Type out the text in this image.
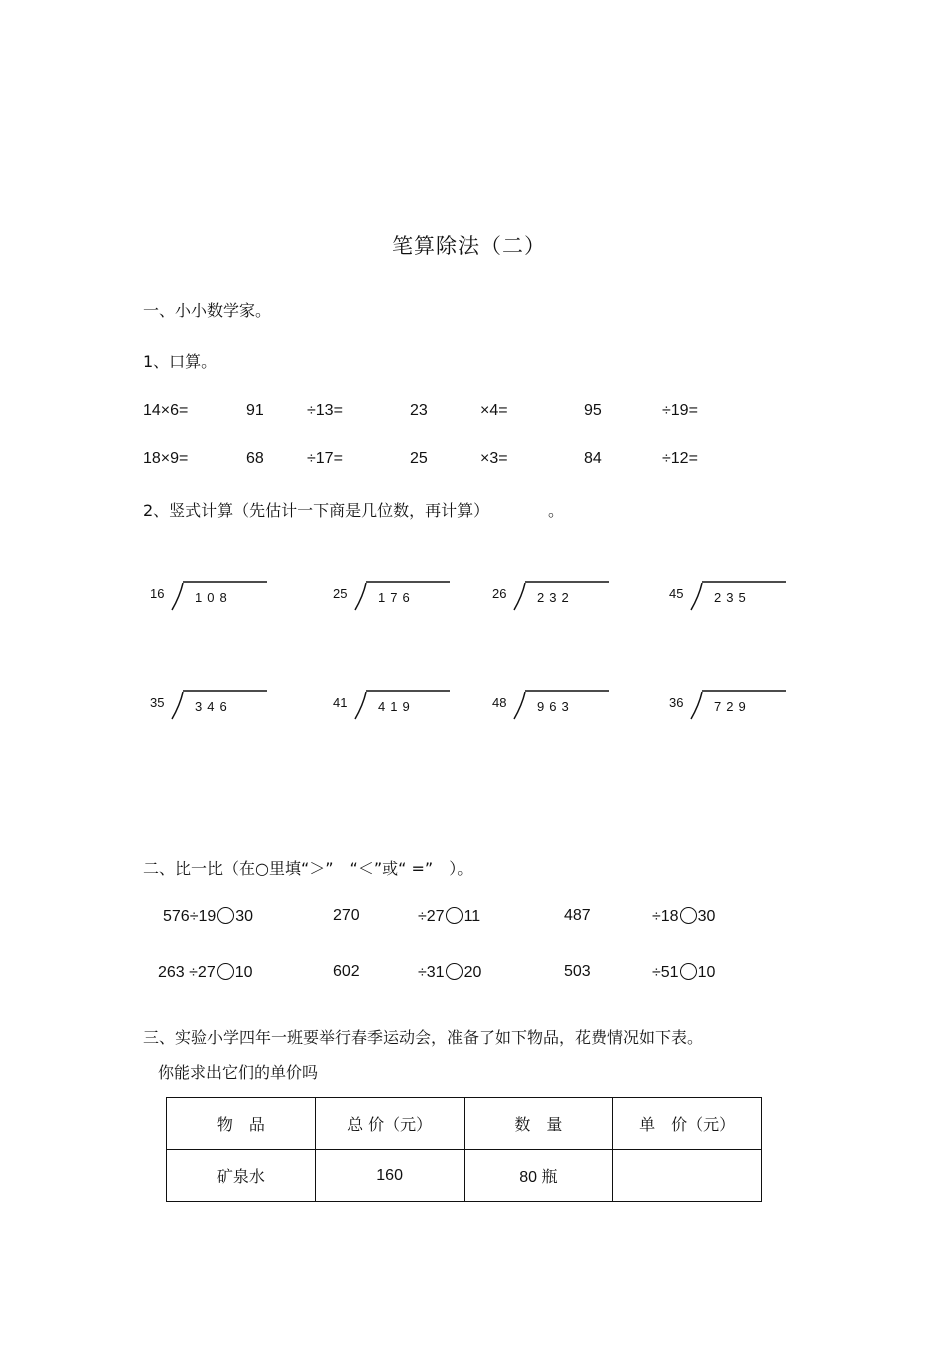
笔算除法（二）
一、小小数学家。
1、口算。
14×6=	91	÷13=	23	×4=	95	÷19=
18×9=	68	÷17=	25	×3=	84	÷12=
2、竖式计算（先估计一下商是几位数，再计算）	。
16 108	25 176	26 232	45 235
35 346	41 419	48 963	36 729
二、比一比（在○里填“＞”　“＜”或“ =”　）。
576÷19 30	270	÷27 11	487	÷18 30
263 ÷27 10	602	÷31 20	503	÷51 10
三、实验小学四年一班要举行春季运动会，准备了如下物品，花费情况如下表。
你能求出它们的单价吗
物　品	总 价（元）	数　量	单　价（元）
矿泉水	160	80 瓶	
